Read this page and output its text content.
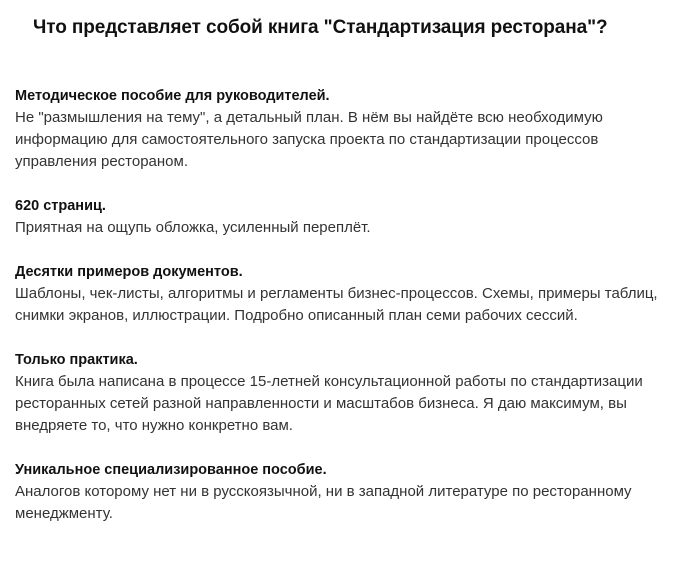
Что представляет собой книга "Стандартизация ресторана"?

Методическое пособие для руководителей.
Не "размышления на тему", а детальный план. В нём вы найдёте всю необходимую информацию для самостоятельного запуска проекта по стандартизации процессов управления рестораном.

620 страниц.
Приятная на ощупь обложка, усиленный переплёт.

Десятки примеров документов.
Шаблоны, чек-листы, алгоритмы и регламенты бизнес-процессов. Схемы, примеры таблиц, снимки экранов, иллюстрации. Подробно описанный план семи рабочих сессий.

Только практика.
Книга была написана в процессе 15-летней консультационной работы по стандартизации ресторанных сетей разной направленности и масштабов бизнеса. Я даю максимум, вы внедряете то, что нужно конкретно вам.

Уникальное специализированное пособие.
Аналогов которому нет ни в русскоязычной, ни в западной литературе по ресторанному менеджменту.
